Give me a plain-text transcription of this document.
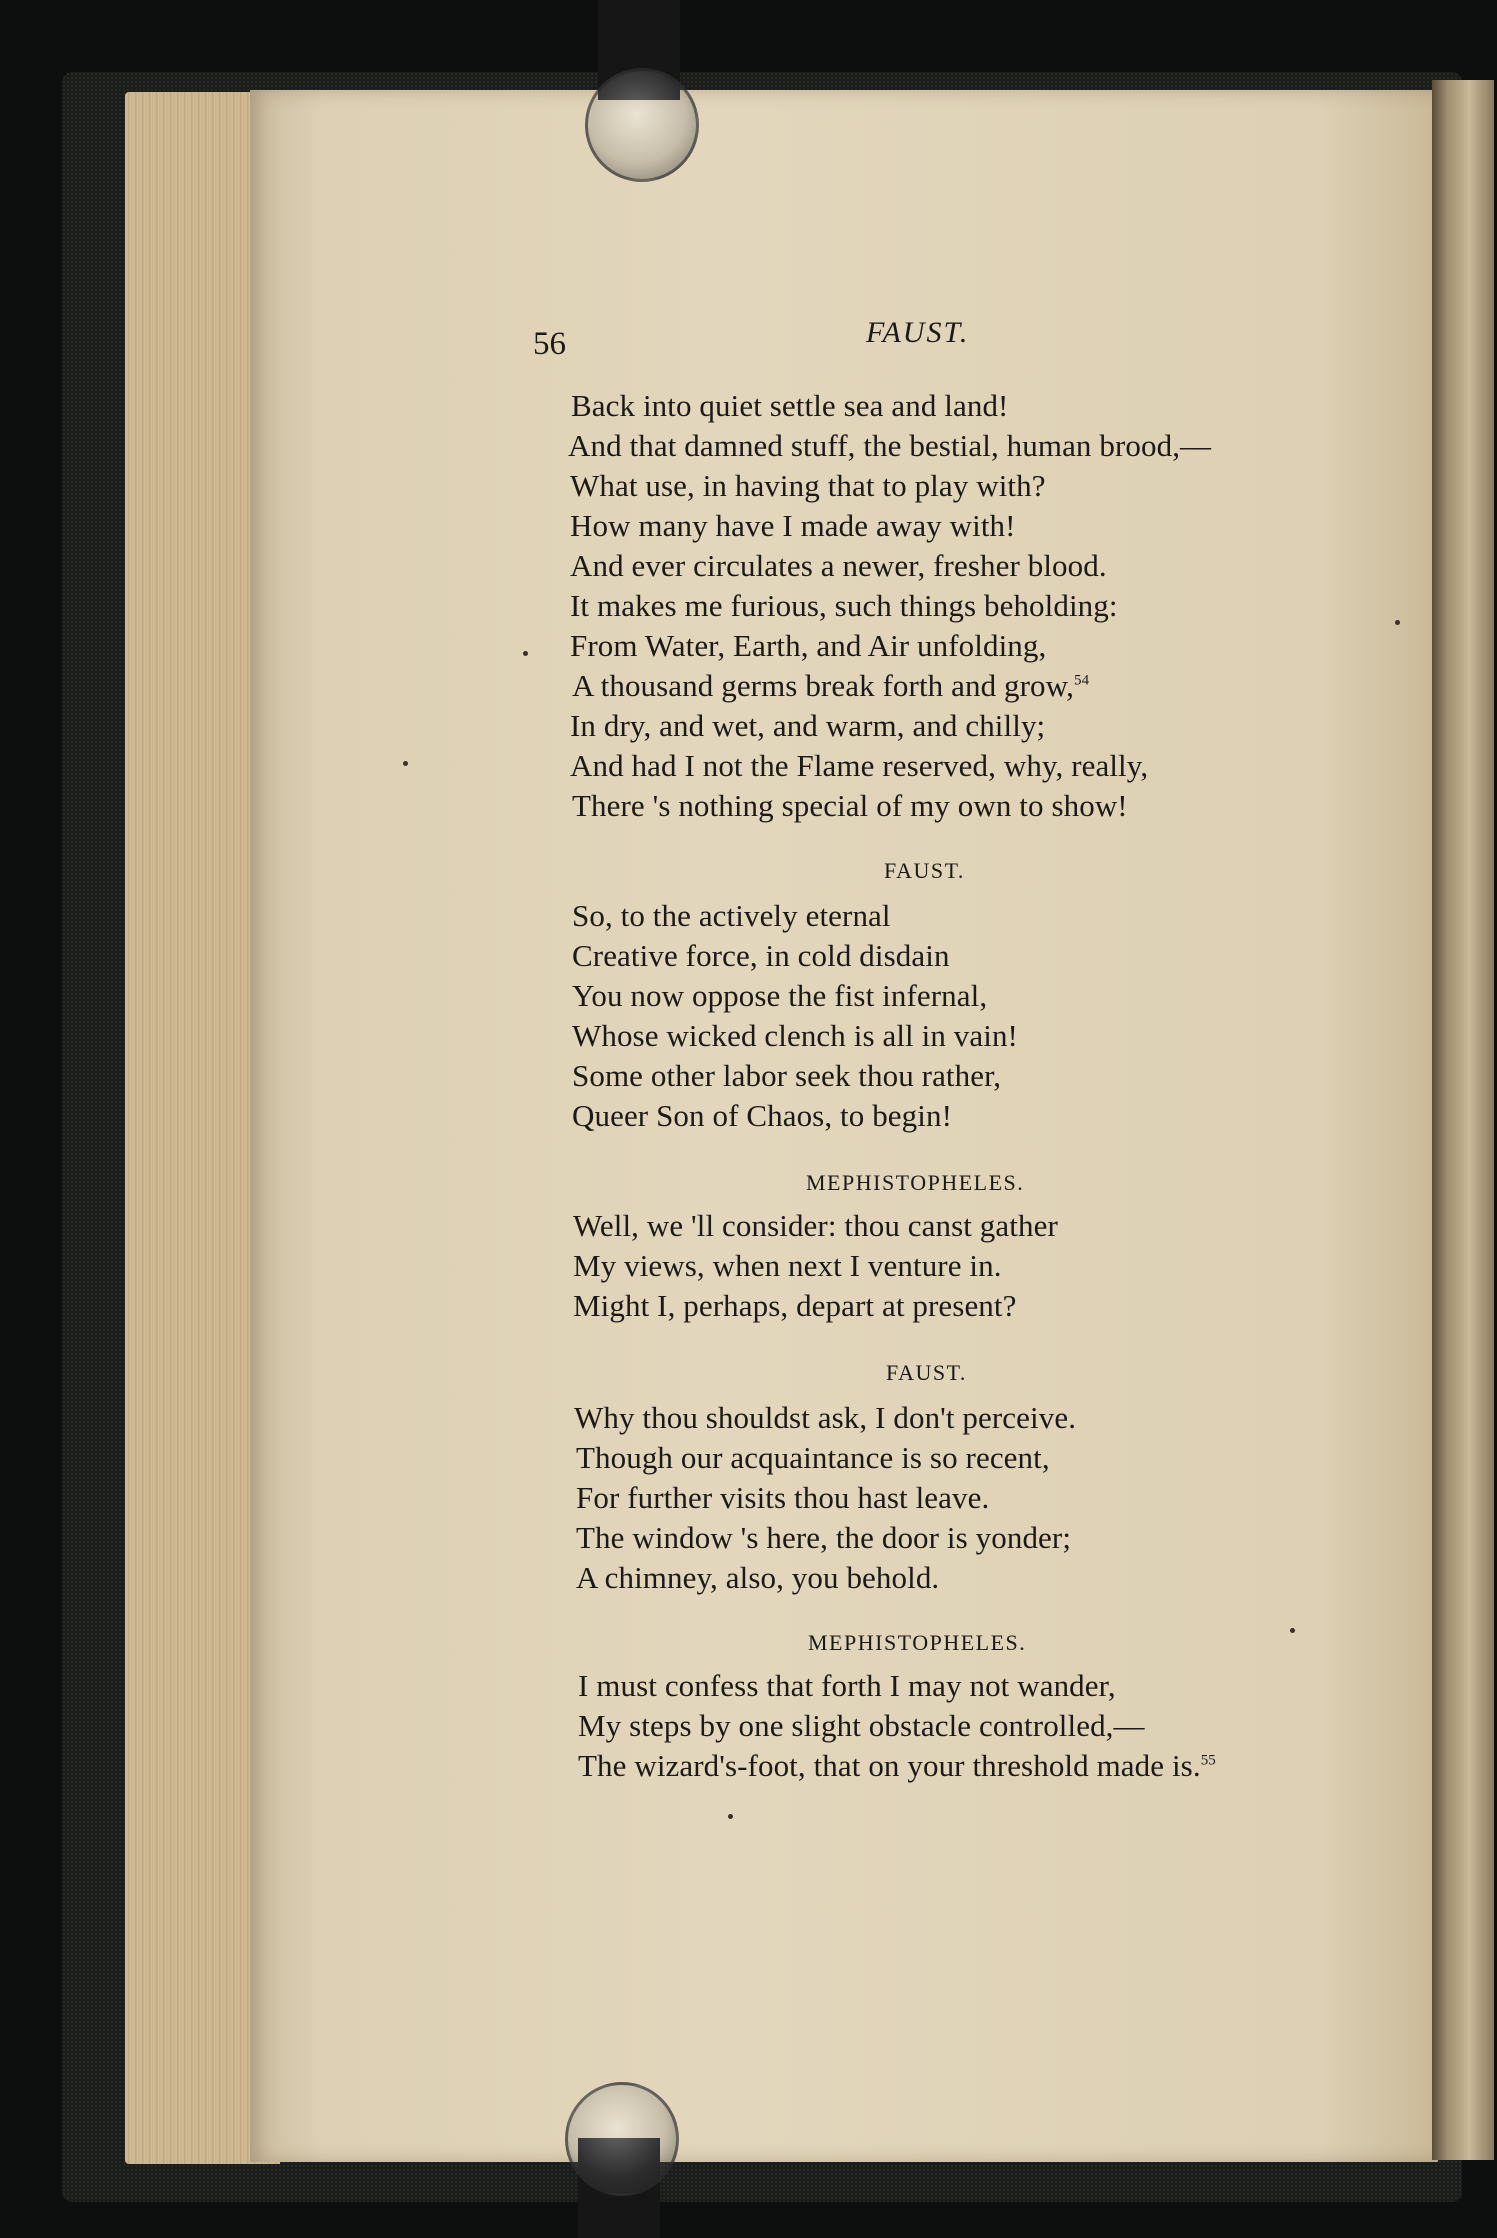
56	FAUST.
Back into quiet settle sea and land!
And that damned stuff, the bestial, human brood,—
What use, in having that to play with?
How many have I made away with!
And ever circulates a newer, fresher blood.
It makes me furious, such things beholding:
From Water, Earth, and Air unfolding,
A thousand germs break forth and grow,$^{54}$
In dry, and wet, and warm, and chilly;
And had I not the Flame reserved, why, really,
There 's nothing special of my own to show!
FAUST.
So, to the actively eternal
Creative force, in cold disdain
You now oppose the fist infernal,
Whose wicked clench is all in vain!
Some other labor seek thou rather,
Queer Son of Chaos, to begin!
MEPHISTOPHELES.
Well, we 'll consider: thou canst gather
My views, when next I venture in.
Might I, perhaps, depart at present?
FAUST.
Why thou shouldst ask, I don't perceive.
Though our acquaintance is so recent,
For further visits thou hast leave.
The window 's here, the door is yonder;
A chimney, also, you behold.
MEPHISTOPHELES.
I must confess that forth I may not wander,
My steps by one slight obstacle controlled,—
The wizard's-foot, that on your threshold made is.$^{55}$
